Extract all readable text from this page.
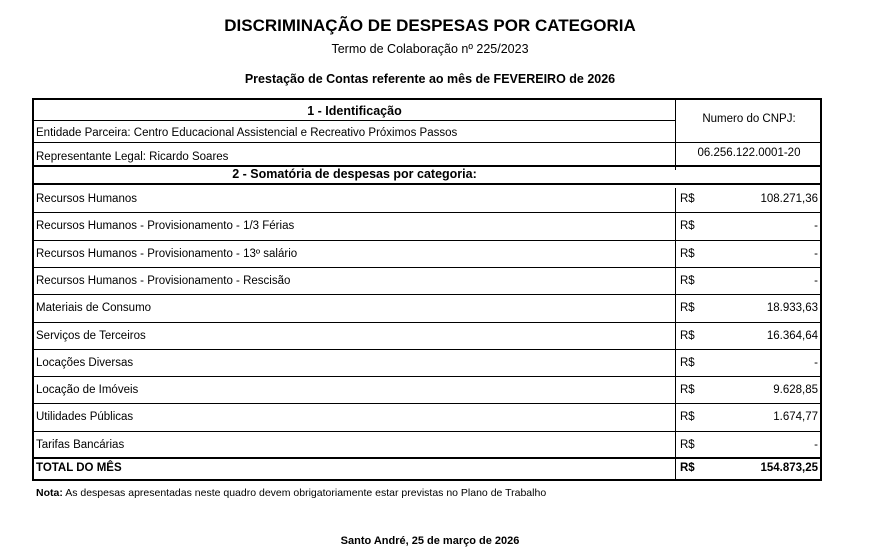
DISCRIMINAÇÃO DE DESPESAS POR CATEGORIA
Termo de Colaboração nº 225/2023
Prestação de Contas referente ao mês de FEVEREIRO de 2026
1 - Identificação
Entidade Parceira: Centro Educacional Assistencial e Recreativo Próximos Passos
Representante Legal: Ricardo Soares
Numero do CNPJ:
06.256.122.0001-20
2 - Somatória de despesas por categoria:
Recursos Humanos	R$	108.271,36
Recursos Humanos - Provisionamento - 1/3 Férias	R$	-
Recursos Humanos - Provisionamento - 13º salário	R$	-
Recursos Humanos - Provisionamento - Rescisão	R$	-
Materiais de Consumo	R$	18.933,63
Serviços de Terceiros	R$	16.364,64
Locações Diversas	R$	-
Locação de Imóveis	R$	9.628,85
Utilidades Públicas	R$	1.674,77
Tarifas Bancárias	R$	-
TOTAL DO MÊS	R$	154.873,25
Nota: As despesas apresentadas neste quadro devem obrigatoriamente estar previstas no Plano de Trabalho
Santo André, 25 de março de 2026
